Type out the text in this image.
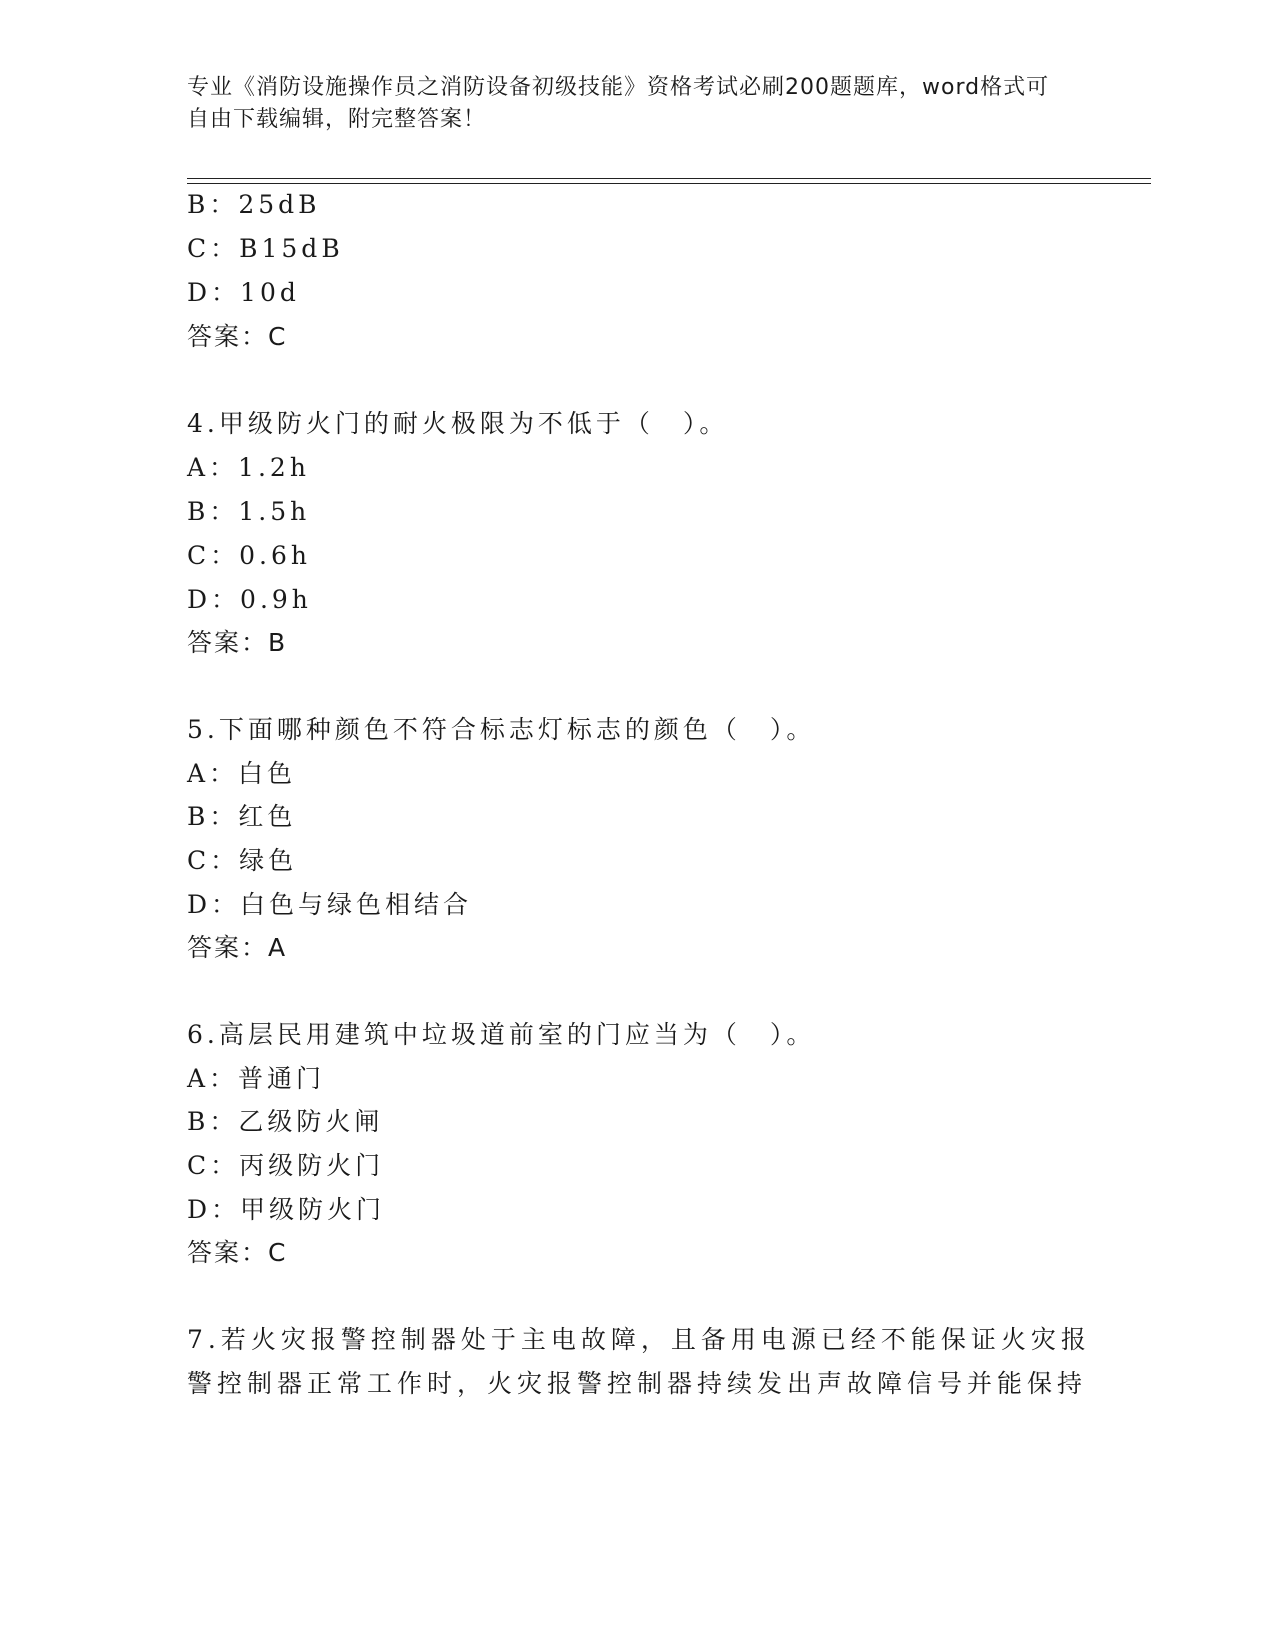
专业《消防设施操作员之消防设备初级技能》资格考试必刷200题题库，word格式可自由下载编辑，附完整答案！
B：25dB
C：B15dB
D：10d
答案：C
4.甲级防火门的耐火极限为不低于（　）。
A：1.2h
B：1.5h
C：0.6h
D：0.9h
答案：B
5.下面哪种颜色不符合标志灯标志的颜色（　）。
A：白色
B：红色
C：绿色
D：白色与绿色相结合
答案：A
6.高层民用建筑中垃圾道前室的门应当为（　）。
A：普通门
B：乙级防火闸
C：丙级防火门
D：甲级防火门
答案：C
7.若火灾报警控制器处于主电故障，且备用电源已经不能保证火灾报
警控制器正常工作时，火灾报警控制器持续发出声故障信号并能保持
